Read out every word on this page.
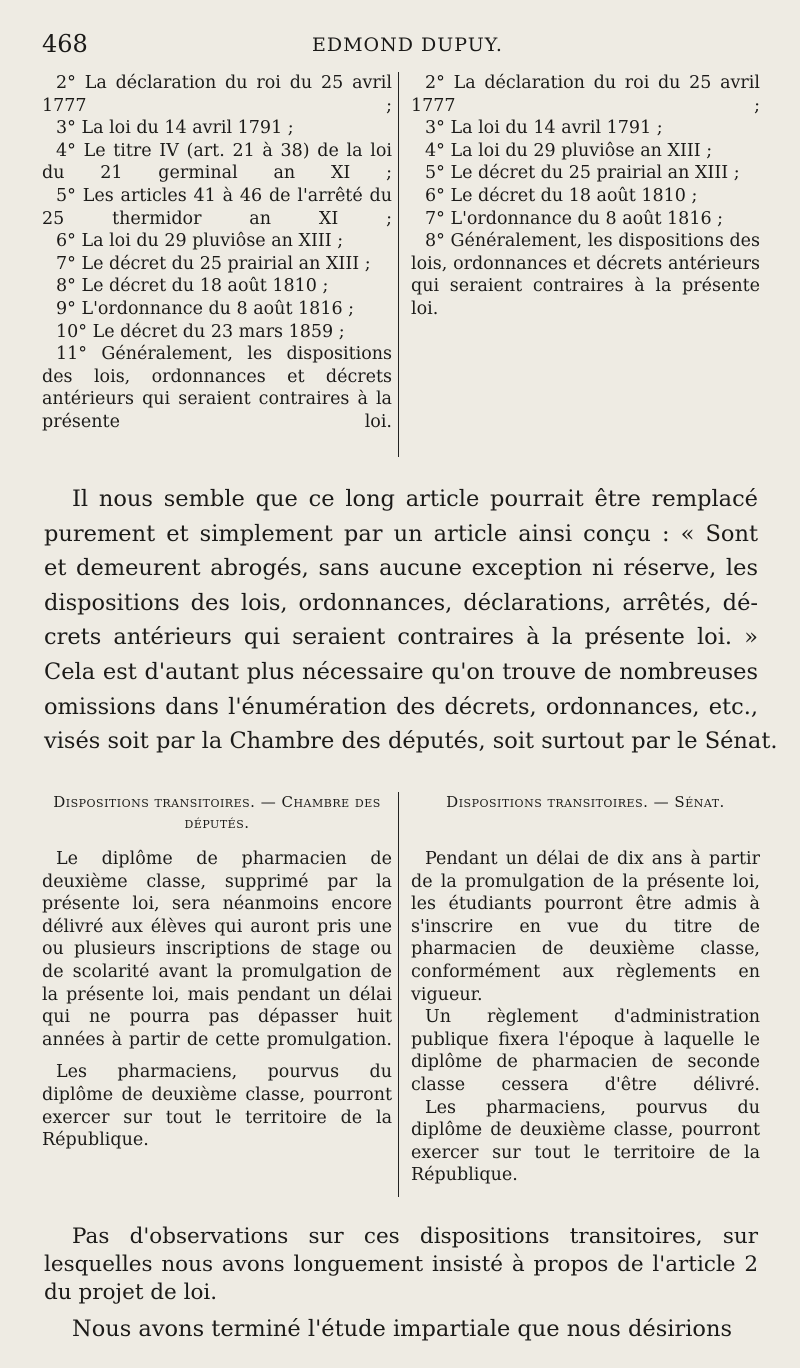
468	EDMOND DUPUY.

2° La déclaration du roi du 25 avril 1777 ;

3° La loi du 14 avril 1791 ;

4° Le titre IV (art. 21 à 38) de la loi du 21 germinal an XI ;

5° Les articles 41 à 46 de l'arrêté du 25 thermidor an XI ;

6° La loi du 29 pluviôse an XIII ;

7° Le décret du 25 prairial an XIII ;

8° Le décret du 18 août 1810 ;

9° L'ordonnance du 8 août 1816 ;

10° Le décret du 23 mars 1859 ;

11° Généralement, les dispositions des lois, ordonnances et décrets antérieurs qui seraient contraires à la présente loi.

2° La déclaration du roi du 25 avril 1777 ;

3° La loi du 14 avril 1791 ;

4° La loi du 29 pluviôse an XIII ;

5° Le décret du 25 prairial an XIII ;

6° Le décret du 18 août 1810 ;

7° L'ordonnance du 8 août 1816 ;

8° Généralement, les dispositions des lois, ordonnances et décrets antérieurs qui seraient contraires à la présente loi.

Il nous semble que ce long article pourrait être remplacé
purement et simplement par un article ainsi conçu : « Sont
et demeurent abrogés, sans aucune exception ni réserve, les
dispositions des lois, ordonnances, déclarations, arrêtés, dé-
crets antérieurs qui seraient contraires à la présente loi. »
Cela est d'autant plus nécessaire qu'on trouve de nombreuses
omissions dans l'énumération des décrets, ordonnances, etc.,
visés soit par la Chambre des députés, soit surtout par le Sénat.

Dispositions transitoires. — Chambre des députés.

Le diplôme de pharmacien de deuxième classe, supprimé par la présente loi, sera néanmoins encore délivré aux élèves qui auront pris une ou plusieurs inscriptions de stage ou de scolarité avant la promulgation de la présente loi, mais pendant un délai qui ne pourra pas dépasser huit années à partir de cette promulgation.

Les pharmaciens, pourvus du diplôme de deuxième classe, pourront exercer sur tout le territoire de la République.

Dispositions transitoires. — Sénat.

Pendant un délai de dix ans à partir de la promulgation de la présente loi, les étudiants pourront être admis à s'inscrire en vue du titre de pharmacien de deuxième classe, conformément aux règlements en vigueur.

Un règlement d'administration publique fixera l'époque à laquelle le diplôme de pharmacien de seconde classe cessera d'être délivré.

Les pharmaciens, pourvus du diplôme de deuxième classe, pourront exercer sur tout le territoire de la République.

Pas d'observations sur ces dispositions transitoires, sur lesquelles nous avons longuement insisté à propos de l'article 2 du projet de loi.

Nous avons terminé l'étude impartiale que nous désirions
